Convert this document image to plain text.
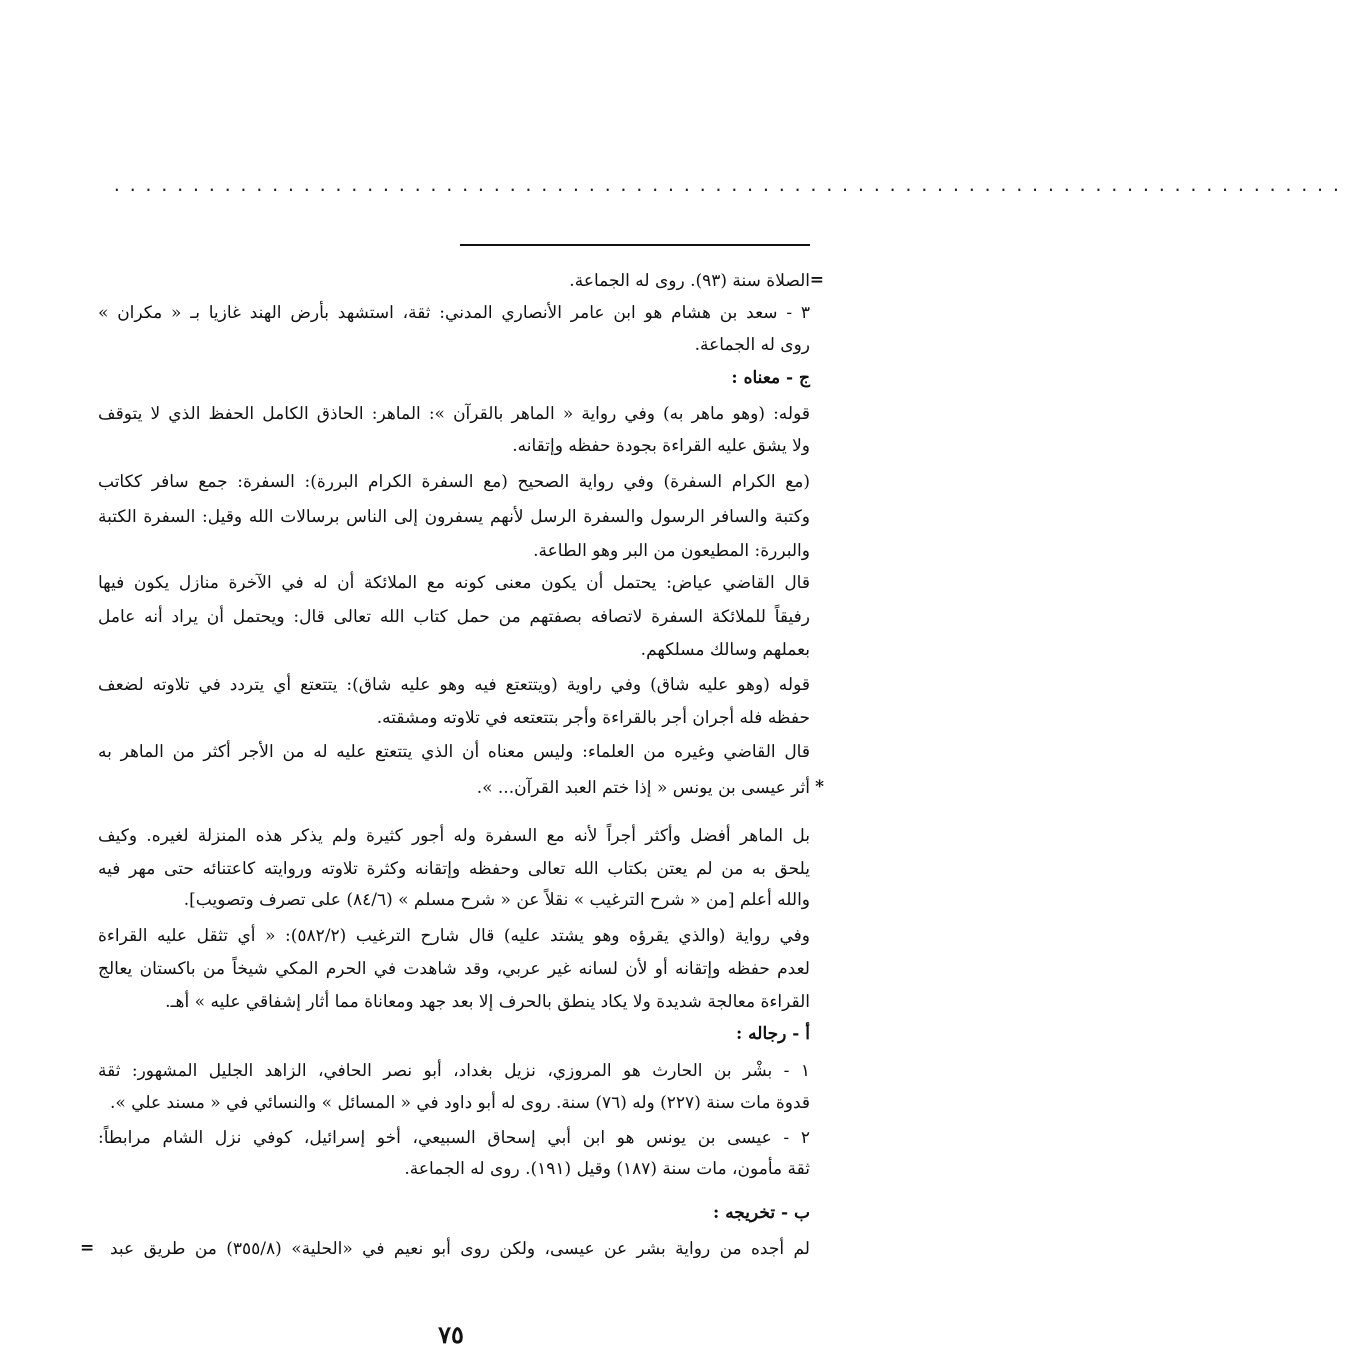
..............................................................................
=
الصلاة سنة (٩٣). روى له الجماعة.
٣ - سعد بن هشام هو ابن عامر الأنصاري المدني: ثقة، استشهد بأرض الهند غازيا بـ « مكران »
روى له الجماعة.
ج - معناه :
قوله: (وهو ماهر به) وفي رواية « الماهر بالقرآن »: الماهر: الحاذق الكامل الحفظ الذي لا يتوقف
ولا يشق عليه القراءة بجودة حفظه وإتقانه.
(مع الكرام السفرة) وفي رواية الصحيح (مع السفرة الكرام البررة): السفرة: جمع سافر ككاتب
وكتبة والسافر الرسول والسفرة الرسل لأنهم يسفرون إلى الناس برسالات الله وقيل: السفرة الكتبة
والبررة: المطيعون من البر وهو الطاعة.
قال القاضي عياض: يحتمل أن يكون معنى كونه مع الملائكة أن له في الآخرة منازل يكون فيها
رفيقاً للملائكة السفرة لاتصافه بصفتهم من حمل كتاب الله تعالى قال: ويحتمل أن يراد أنه عامل
بعملهم وسالك مسلكهم.
قوله (وهو عليه شاق) وفي راوية (ويتتعتع فيه وهو عليه شاق): يتتعتع أي يتردد في تلاوته لضعف
حفظه فله أجران أجر بالقراءة وأجر بتتعتعه في تلاوته ومشقته.
قال القاضي وغيره من العلماء: وليس معناه أن الذي يتتعتع عليه له من الأجر أكثر من الماهر به
*
أثر عيسى بن يونس « إذا ختم العبد القرآن... ».
بل الماهر أفضل وأكثر أجراً لأنه مع السفرة وله أجور كثيرة ولم يذكر هذه المنزلة لغيره. وكيف
يلحق به من لم يعتن بكتاب الله تعالى وحفظه وإتقانه وكثرة تلاوته وروايته كاعتنائه حتى مهر فيه
والله أعلم [من « شرح الترغيب » نقلاً عن « شرح مسلم » (٨٤/٦) على تصرف وتصويب].
وفي رواية (والذي يقرؤه وهو يشتد عليه) قال شارح الترغيب (٥٨٢/٢): « أي تثقل عليه القراءة
لعدم حفظه وإتقانه أو لأن لسانه غير عربي، وقد شاهدت في الحرم المكي شيخاً من باكستان يعالج
القراءة معالجة شديدة ولا يكاد ينطق بالحرف إلا بعد جهد ومعاناة مما أثار إشفاقي عليه » أهـ.
أ - رجاله :
١ - بشْر بن الحارث هو المروزي، نزيل بغداد، أبو نصر الحافي، الزاهد الجليل المشهور: ثقة
قدوة مات سنة (٢٢٧) وله (٧٦) سنة. روى له أبو داود في « المسائل » والنسائي في « مسند علي ».
٢ - عيسى بن يونس هو ابن أبي إسحاق السبيعي، أخو إسرائيل، كوفي نزل الشام مرابطاً:
ثقة مأمون، مات سنة (١٨٧) وقيل (١٩١). روى له الجماعة.
ب - تخريجه :
= لم أجده من رواية بشر عن عيسى، ولكن روى أبو نعيم في «الحلية» (٣٥٥/٨) من طريق عبد
٧٥
